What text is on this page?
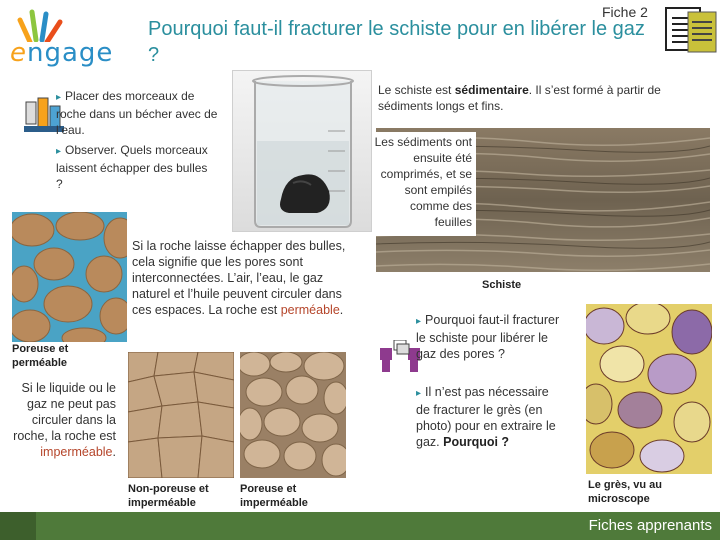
engage
Fiche 2
Pourquoi faut-il fracturer le schiste pour en libérer le gaz ?
▸ Placer des morceaux de roche dans un bécher avec de l’eau.
▸ Observer. Quels morceaux laissent échapper des bulles ?
Le schiste est sédimentaire. Il s’est formé à partir de sédiments longs et fins.
Les sédiments ont ensuite été comprimés, et se sont empilés comme des feuilles
Schiste
Poreuse et perméable
Si la roche laisse échapper des bulles, cela signifie que les pores sont interconnectées. L’air, l’eau, le gaz naturel et l’huile peuvent circuler dans ces espaces. La roche est perméable.
Si le liquide ou le gaz ne peut pas circuler dans la roche, la roche est imperméable.
Non-poreuse et imperméable
Poreuse et imperméable
▸ Pourquoi faut-il fracturer le schiste pour libérer le gaz des pores ?
▸ Il n’est pas nécessaire de fracturer le grès (en photo) pour en extraire le gaz. Pourquoi ?
Le grès, vu au microscope
Fiches apprenants
